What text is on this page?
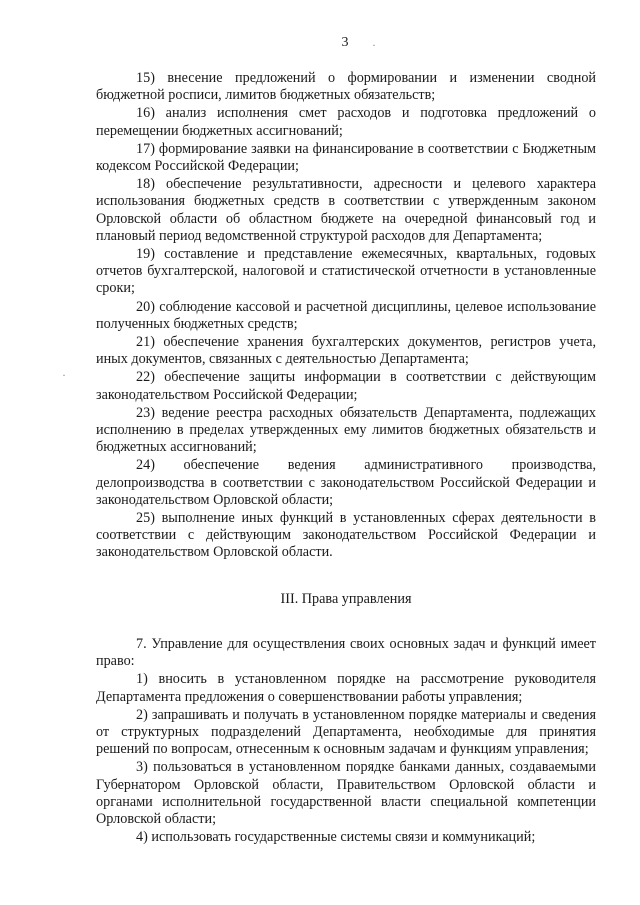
3

15) внесение предложений о формировании и изменении сводной бюджетной росписи, лимитов бюджетных обязательств;

16) анализ исполнения смет расходов и подготовка предложений о перемещении бюджетных ассигнований;

17) формирование заявки на финансирование в соответствии с Бюджетным кодексом Российской Федерации;

18) обеспечение результативности, адресности и целевого характера использования бюджетных средств в соответствии с утвержденным законом Орловской области об областном бюджете на очередной финансовый год и плановый период ведомственной структурой расходов для Департамента;

19) составление и представление ежемесячных, квартальных, годовых отчетов бухгалтерской, налоговой и статистической отчетности в установленные сроки;

20) соблюдение кассовой и расчетной дисциплины, целевое использование полученных бюджетных средств;

21) обеспечение хранения бухгалтерских документов, регистров учета, иных документов, связанных с деятельностью Департамента;

22) обеспечение защиты информации в соответствии с действующим законодательством Российской Федерации;

23) ведение реестра расходных обязательств Департамента, подлежащих исполнению в пределах утвержденных ему лимитов бюджетных обязательств и бюджетных ассигнований;

24) обеспечение ведения административного производства, делопроизводства в соответствии с законодательством Российской Федерации и законодательством Орловской области;

25) выполнение иных функций в установленных сферах деятельности в соответствии с действующим законодательством Российской Федерации и законодательством Орловской области.

III. Права управления

7. Управление для осуществления своих основных задач и функций имеет право:

1) вносить в установленном порядке на рассмотрение руководителя Департамента предложения о совершенствовании работы управления;

2) запрашивать и получать в установленном порядке материалы и сведения от структурных подразделений Департамента, необходимые для принятия решений по вопросам, отнесенным к основным задачам и функциям управления;

3) пользоваться в установленном порядке банками данных, создаваемыми Губернатором Орловской области, Правительством Орловской области и органами исполнительной государственной власти специальной компетенции Орловской области;

4) использовать государственные системы связи и коммуникаций;

·
·
